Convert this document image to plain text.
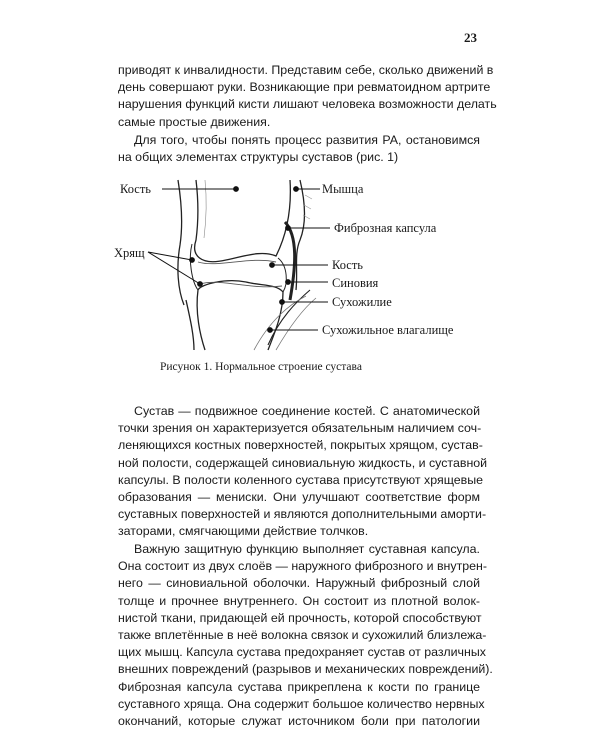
23

приводят к инвалидности. Представим себе, сколько движений в
день совершают руки. Возникающие при ревматоидном артрите
нарушения функций кисти лишают человека возможности делать
самые простые движения.

Для того, чтобы понять процесс развития РА, остановимся
на общих элементах структуры суставов (рис. 1)

Кость	Мышца
Фиброзная капсула
Хрящ
Кость
Синовия
Сухожилие
Сухожильное влагалище
Рисунок 1. Нормальное строение сустава

Сустав — подвижное соединение костей. С анатомической
точки зрения он характеризуется обязательным наличием соч-
леняющихся костных поверхностей, покрытых хрящом, сустав-
ной полости, содержащей синовиальную жидкость, и суставной
капсулы. В полости коленного сустава присутствуют хрящевые
образования — мениски. Они улучшают соответствие форм
суставных поверхностей и являются дополнительными аморти-
заторами, смягчающими действие толчков.

Важную защитную функцию выполняет суставная капсула.
Она состоит из двух слоёв — наружного фиброзного и внутрен-
него — синовиальной оболочки. Наружный фиброзный слой
толще и прочнее внутреннего. Он состоит из плотной волок-
нистой ткани, придающей ей прочность, которой способствуют
также вплетённые в неё волокна связок и сухожилий близлежа-
щих мышц. Капсула сустава предохраняет сустав от различных
внешних повреждений (разрывов и механических повреждений).
Фиброзная капсула сустава прикреплена к кости по границе
суставного хряща. Она содержит большое количество нервных
окончаний, которые служат источником боли при патологии
